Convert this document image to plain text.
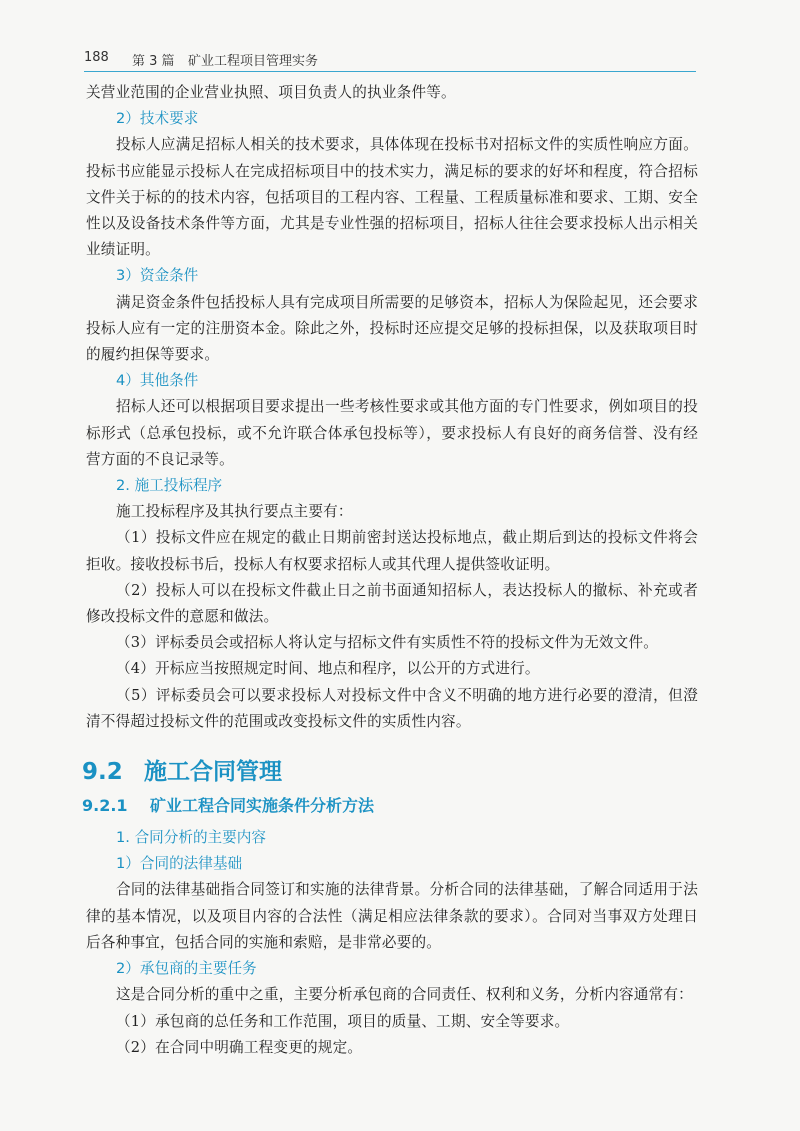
188 第 3 篇 矿业工程项目管理实务

关营业范围的企业营业执照、项目负责人的执业条件等。

2）技术要求

投标人应满足招标人相关的技术要求，具体体现在投标书对招标文件的实质性响应方面。投标书应能显示投标人在完成招标项目中的技术实力，满足标的要求的好坏和程度，符合招标文件关于标的的技术内容，包括项目的工程内容、工程量、工程质量标准和要求、工期、安全性以及设备技术条件等方面，尤其是专业性强的招标项目，招标人往往会要求投标人出示相关业绩证明。

3）资金条件

满足资金条件包括投标人具有完成项目所需要的足够资本，招标人为保险起见，还会要求投标人应有一定的注册资本金。除此之外，投标时还应提交足够的投标担保，以及获取项目时的履约担保等要求。

4）其他条件

招标人还可以根据项目要求提出一些考核性要求或其他方面的专门性要求，例如项目的投标形式（总承包投标，或不允许联合体承包投标等），要求投标人有良好的商务信誉、没有经营方面的不良记录等。

2. 施工投标程序

施工投标程序及其执行要点主要有：

（1）投标文件应在规定的截止日期前密封送达投标地点，截止期后到达的投标文件将会拒收。接收投标书后，投标人有权要求招标人或其代理人提供签收证明。

（2）投标人可以在投标文件截止日之前书面通知招标人，表达投标人的撤标、补充或者修改投标文件的意愿和做法。

（3）评标委员会或招标人将认定与招标文件有实质性不符的投标文件为无效文件。

（4）开标应当按照规定时间、地点和程序，以公开的方式进行。

（5）评标委员会可以要求投标人对投标文件中含义不明确的地方进行必要的澄清，但澄清不得超过投标文件的范围或改变投标文件的实质性内容。

9.2 施工合同管理
9.2.1 矿业工程合同实施条件分析方法
1. 合同分析的主要内容
1）合同的法律基础

合同的法律基础指合同签订和实施的法律背景。分析合同的法律基础，了解合同适用于法律的基本情况，以及项目内容的合法性（满足相应法律条款的要求）。合同对当事双方处理日后各种事宜，包括合同的实施和索赔，是非常必要的。

2）承包商的主要任务

这是合同分析的重中之重，主要分析承包商的合同责任、权利和义务，分析内容通常有：

（1）承包商的总任务和工作范围，项目的质量、工期、安全等要求。

（2）在合同中明确工程变更的规定。
